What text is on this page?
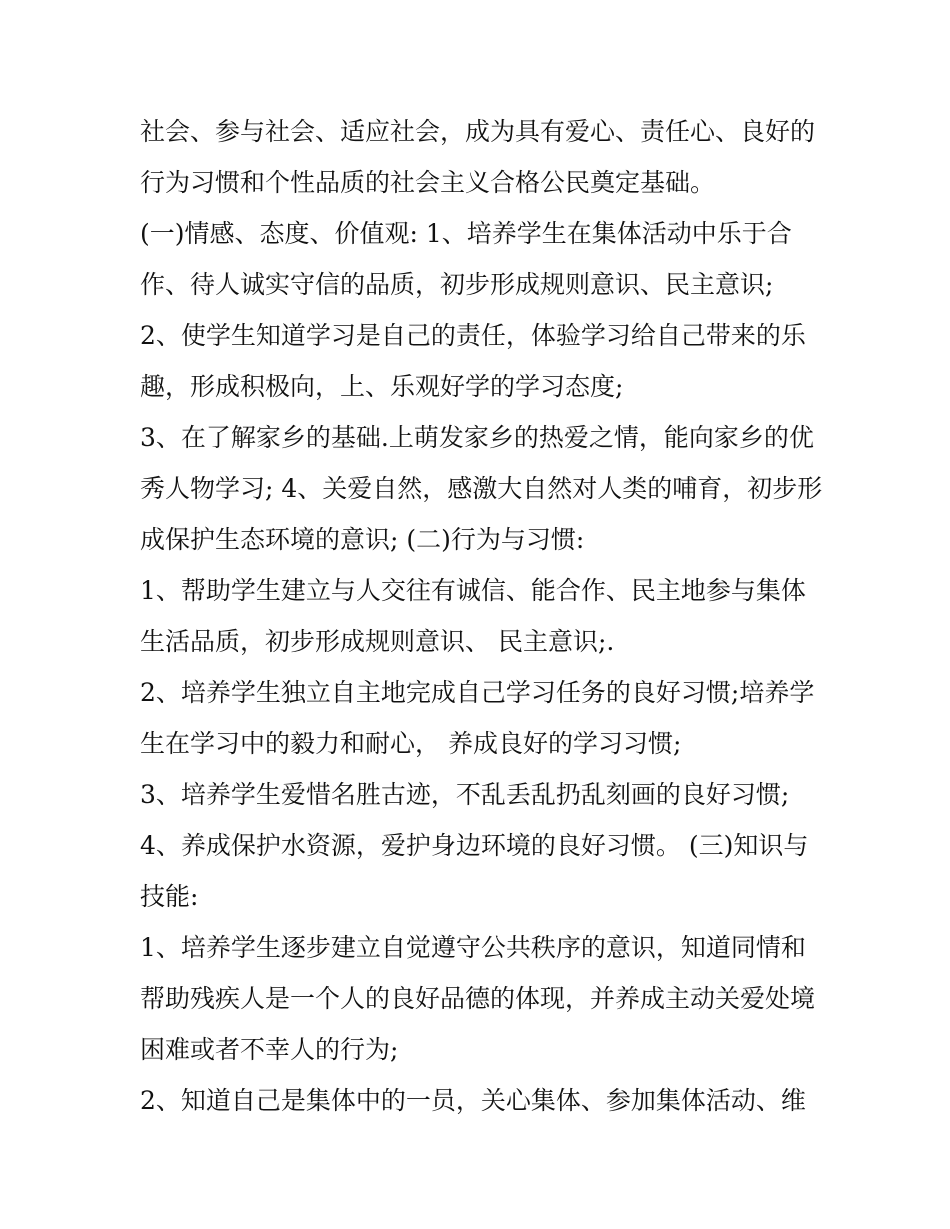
社会、参与社会、适应社会，成为具有爱心、责任心、良好的

行为习惯和个性品质的社会主义合格公民奠定基础。

(一)情感、态度、价值观: 1、培养学生在集体活动中乐于合

作、待人诚实守信的品质，初步形成规则意识、民主意识;

2、使学生知道学习是自己的责任，体验学习给自己带来的乐

趣，形成积极向，上、乐观好学的学习态度;

3、在了解家乡的基础.上萌发家乡的热爱之情，能向家乡的优

秀人物学习; 4、关爱自然，感激大自然对人类的哺育，初步形

成保护生态环境的意识; (二)行为与习惯:

1、帮助学生建立与人交往有诚信、能合作、民主地参与集体

生活品质，初步形成规则意识、 民主意识;.

2、培养学生独立自主地完成自己学习任务的良好习惯;培养学

生在学习中的毅力和耐心， 养成良好的学习习惯;

3、培养学生爱惜名胜古迹，不乱丢乱扔乱刻画的良好习惯;

4、养成保护水资源，爱护身边环境的良好习惯。 (三)知识与

技能:

1、培养学生逐步建立自觉遵守公共秩序的意识，知道同情和

帮助残疾人是一个人的良好品德的体现，并养成主动关爱处境

困难或者不幸人的行为;

2、知道自己是集体中的一员，关心集体、参加集体活动、维
